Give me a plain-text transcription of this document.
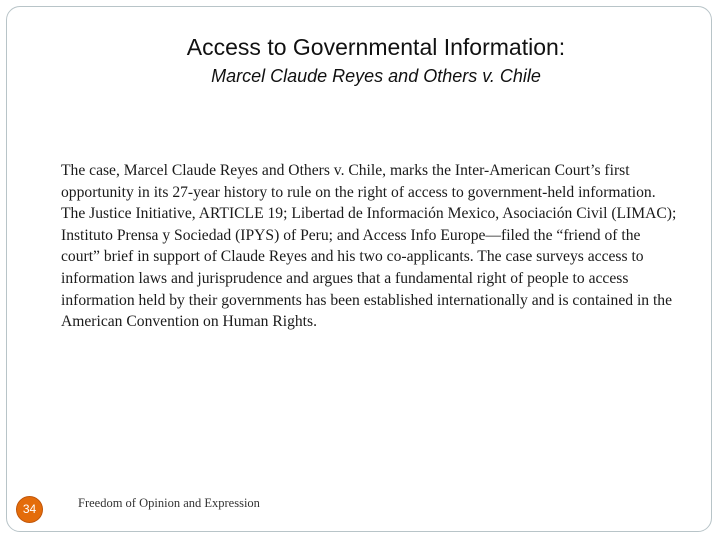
Access to Governmental Information:
Marcel Claude Reyes and Others v. Chile

The case, Marcel Claude Reyes and Others v. Chile, marks the Inter-American Court’s first opportunity in its 27-year history to rule on the right of access to government-held information. The Justice Initiative, ARTICLE 19; Libertad de Información Mexico, Asociación Civil (LIMAC); Instituto Prensa y Sociedad (IPYS) of Peru; and Access Info Europe—filed the “friend of the court” brief in support of Claude Reyes and his two co-applicants. The case surveys access to information laws and jurisprudence and argues that a fundamental right of people to access information held by their governments has been established internationally and is contained in the American Convention on Human Rights.

34	Freedom of Opinion and Expression
